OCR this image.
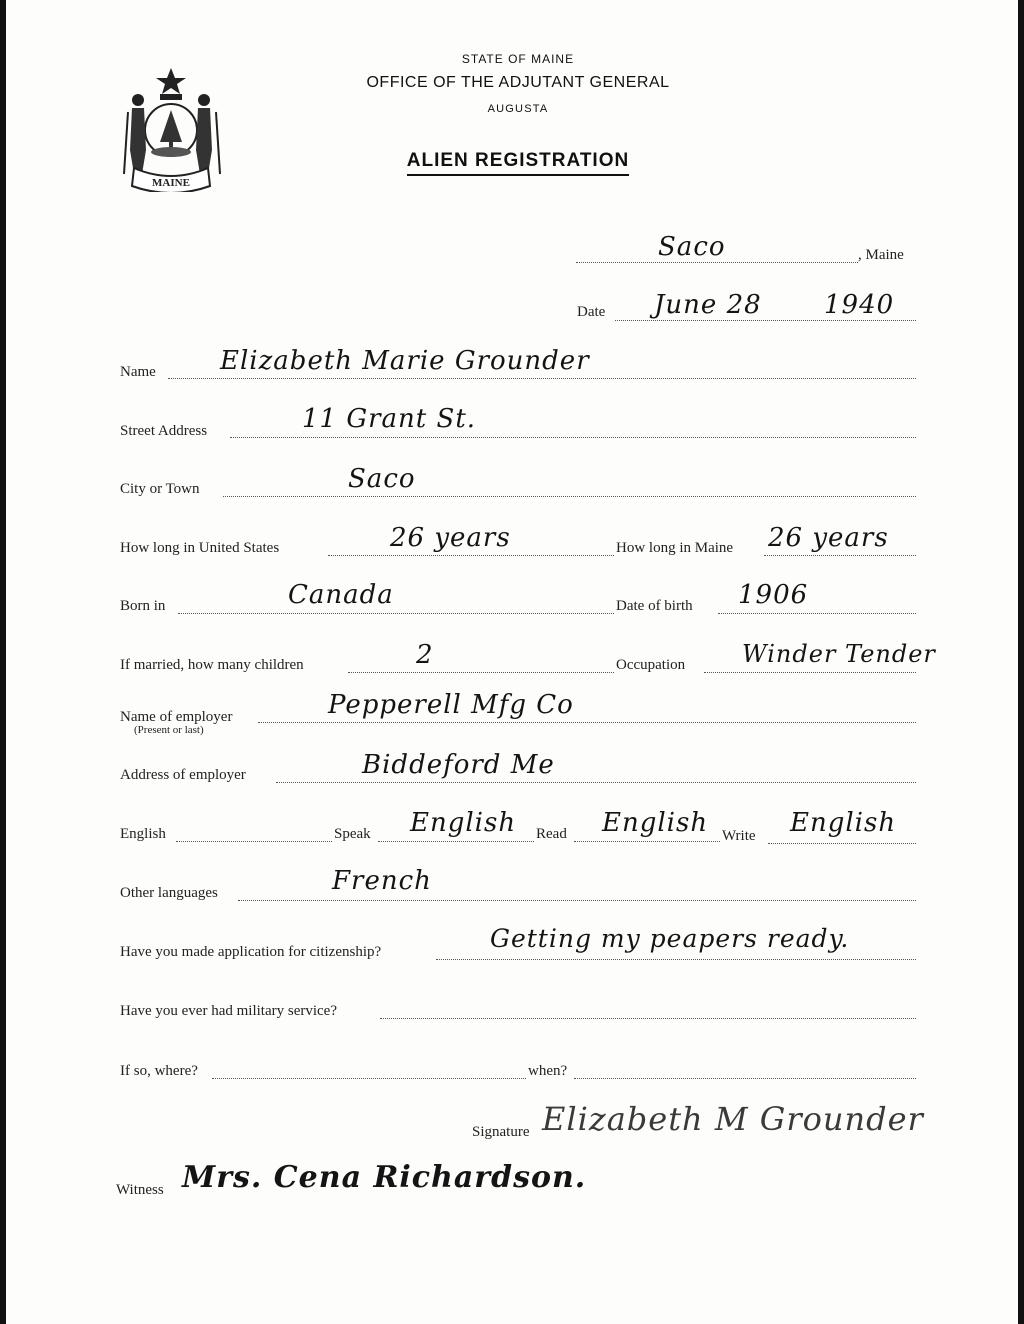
MAINE
STATE OF MAINE
OFFICE OF THE ADJUTANT GENERAL
AUGUSTA
ALIEN REGISTRATION
Saco	, Maine
Date June 28 1940
Name Elizabeth Marie Grounder
Street Address	11 Grant St.
City or Town	Saco
How long in United States	26 years	How long in Maine 26 years
Born in	Canada	Date of birth 1906
If married, how many children	2	Occupation Winder Tender
Name of employer
(Present or last)
Pepperell Mfg Co
Address of employer	Biddeford Me
English	Speak English Read English Write English
Other languages	French
Have you made application for citizenship?	Getting my peapers ready.
Have you ever had military service?
If so, where?	when?
Signature Elizabeth M Grounder
Witness Mrs. Cena Richardson.
